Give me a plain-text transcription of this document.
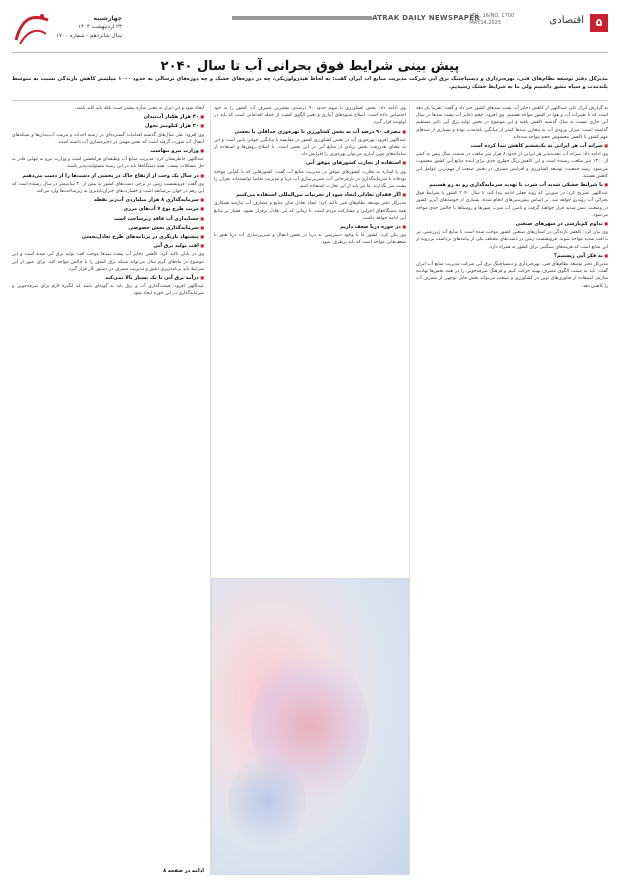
۵
اقتصادی
VOL. 16/NO. 1700
MAY.14.2025
ATRAK DAILY NEWSPAPER
چهارشنبه
۲۴ اردیبهشت ۱۴۰۴
سال شانزدهم - شماره ۱۷۰۰
پیش بینی شرایط فوق بحرانی آب تا سال ۲۰۴۰
مدیرکل دفتر توسعه نظام‌های فنی، بهره‌برداری و دیسپاچینگ برق آبی شرکت مدیریت منابع آب ایران گفت: به لحاظ هیدرولوژیکی، چه در دوره‌های خشک و چه دوره‌های ترسالی به حدود ۱۰۰۰ میلیمتر کاهش بارندگی نسبت به متوسط بلندمدت و سیاه مشق داشتیم ولی ما به شرایط خشک رسیدیم.

به گزارش اترک علی عبداللهی از کاهش ذخایر آب پشت سدهای کشور خبر داد و گفت: تقریباً یک دهه است که با تغییرات آب و هوا در کشور مواجه هستیم. وی افزود: حجم ذخایر آب پشت سدها در سال آبی جاری نسبت به سال گذشته کاهش یافته و این موضوع در بخش تولید برق آبی تاثیر مستقیم گذاشته است. میزان ورودی آب به مخازن سدها کمتر از میانگین بلندمدت بوده و بسیاری از سدهای مهم کشور با کاهش محسوس حجم مواجه شده‌اند.

■ سرانه آب هر ایرانی به یک‌ششم کاهش پیدا کرده است

وی ادامه داد: سرانه آب تجدیدپذیر هر ایرانی از حدود ۸ هزار متر مکعب در شصت سال پیش به کمتر از ۱۳۰۰ متر مکعب رسیده است و این کاهش زنگ خطری جدی برای آینده منابع آبی کشور محسوب می‌شود. رشد جمعیت، توسعه کشاورزی و افزایش مصرف در بخش صنعت از مهم‌ترین عوامل این کاهش هستند.

■ با شرایط خشکی شدید آب شرب با تهدید سرمایه‌گذاری رو به رو هستیم

عبداللهی تصریح کرد: در صورتی که روند فعلی ادامه پیدا کند، تا سال ۲۰۴۰ کشور با شرایط فوق بحرانی آب روبه‌رو خواهد شد. بر اساس پیش‌بینی‌های انجام شده، بسیاری از حوضه‌های آبریز کشور در وضعیت تنش شدید قرار خواهند گرفت و تامین آب شرب شهرها و روستاها با چالش جدی مواجه می‌شود.

■ تداوم کم‌بارشی در شهرهای صنعتی

وی بیان کرد: کاهش بارندگی در استان‌های صنعتی کشور موجب شده است تا منابع آب زیرزمینی نیز با افت شدید مواجه شوند. فرونشست زمین در دشت‌های مختلف یکی از پیامدهای برداشت بی‌رویه از این منابع است که هزینه‌های سنگینی برای کشور به همراه دارد.

■ به فکر آبی زیستیم؟

مدیرکل دفتر توسعه نظام‌های فنی، بهره‌برداری و دیسپاچینگ برق آبی شرکت مدیریت منابع آب ایران گفت: باید به سمت الگوی مصرف بهینه حرکت کنیم و فرهنگ صرفه‌جویی را در همه بخش‌ها نهادینه سازیم. استفاده از فناوری‌های نوین در کشاورزی و صنعت می‌تواند بخش قابل توجهی از مصرف آب را کاهش دهد.

وی ادامه داد: بخش کشاورزی با سهم حدود ۹۰ درصدی بیشترین مصرف آب کشور را به خود اختصاص داده است. اصلاح شیوه‌های آبیاری و تغییر الگوی کشت از جمله اقداماتی است که باید در اولویت قرار گیرد.

■ مصرف ۹۰ درصد آب به بخش کشاورزی با بهره‌وری حداقلی یا بخشی

عبداللهی افزود: بهره‌وری آب در بخش کشاورزی کشور در مقایسه با میانگین جهانی پایین است و این به معنای هدررفت بخش زیادی از منابع آبی در این بخش است. با اصلاح روش‌ها و استفاده از سامانه‌های نوین آبیاری می‌توان بهره‌وری را افزایش داد.

■ استفاده از تجارب کشورهای موفق آبی

وی با اشاره به تجارب کشورهای موفق در مدیریت منابع آب گفت: کشورهایی که با کم‌آبی مواجه بوده‌اند با سرمایه‌گذاری در بازچرخانی آب، شیرین‌سازی آب دریا و مدیریت تقاضا توانسته‌اند بحران را پشت سر بگذارند. ما نیز باید از این تجارب استفاده کنیم.

■ اگر فقدان تعادلی ایجاد شود از تجربیات بین‌المللی استفاده می‌کنیم

مدیرکل دفتر توسعه نظام‌های فنی تاکید کرد: ایجاد تعادل میان منابع و مصارف آب نیازمند همکاری همه دستگاه‌های اجرایی و مشارکت مردم است. تا زمانی که این تعادل برقرار نشود، فشار بر منابع آبی ادامه خواهد داشت.

■ در حوزه دریا ضعف داریم

وی بیان کرد: کشور ما با وجود دسترسی به دریا در بخش انتقال و شیرین‌سازی آب دریا هنوز با ضعف‌هایی مواجه است که باید برطرف شود.

ایجاد شود و این ابزار به معنی سازه پیشتر است بلکه باید کلید باشد.

■ ۴۰ هزار هکتار آب‌بندان

■ ۳۰ هزار کیلومتر تحول

وی افزود: طی سال‌های گذشته اقدامات گسترده‌ای در زمینه احداث و مرمت آب‌بندان‌ها و شبکه‌های انتقال آب صورت گرفته است که نقش مهمی در ذخیره‌سازی آب داشته است.

■ وزارت نیرو تنهاست

عبداللهی خاطرنشان کرد: مدیریت منابع آب وظیفه‌ای فرابخشی است و وزارت نیرو به تنهایی قادر به حل مشکلات نیست. همه دستگاه‌ها باید در این زمینه مسئولیت‌پذیر باشند.

■ در سال یک وجب از ارتفاع خاک در بخشی از دشت‌ها را از دست می‌دهیم

وی گفت: فرونشست زمین در برخی دشت‌های کشور به بیش از ۳۰ سانتیمتر در سال رسیده است که این رقم در جهان بی‌سابقه است و خسارت‌های جبران‌ناپذیری به زیرساخت‌ها وارد می‌کند.

■ سرمایه‌گذاری ۸ هزار میلیاردی آب‌زیر نقطه

■ مزیت طرح نوع ۷ آب‌های مرزی

■ حسابداری آب فاقد زیرساخت است

■ سرمایه‌گذاری بخش خصوصی

■ پیشنهاد بازنگری در برنامه‌های طرح تعادل‌بخشی

■ افت تولید برق آبی

وی در پایان تاکید کرد: کاهش ذخایر آب پشت سدها موجب افت تولید برق آبی شده است و این موضوع در ماه‌های گرم سال می‌تواند شبکه برق کشور را با چالش مواجه کند. برای عبور از این شرایط باید برنامه‌ریزی دقیق و مدیریت مصرف در دستور کار قرار گیرد.

■ درآمد برق آبی با یک بسیار بالا نمی‌کند

عبداللهی افزود: قیمت‌گذاری آب و برق باید به گونه‌ای باشد که انگیزه لازم برای صرفه‌جویی و سرمایه‌گذاری در این حوزه ایجاد شود.

ادامه در صفحه ۸
